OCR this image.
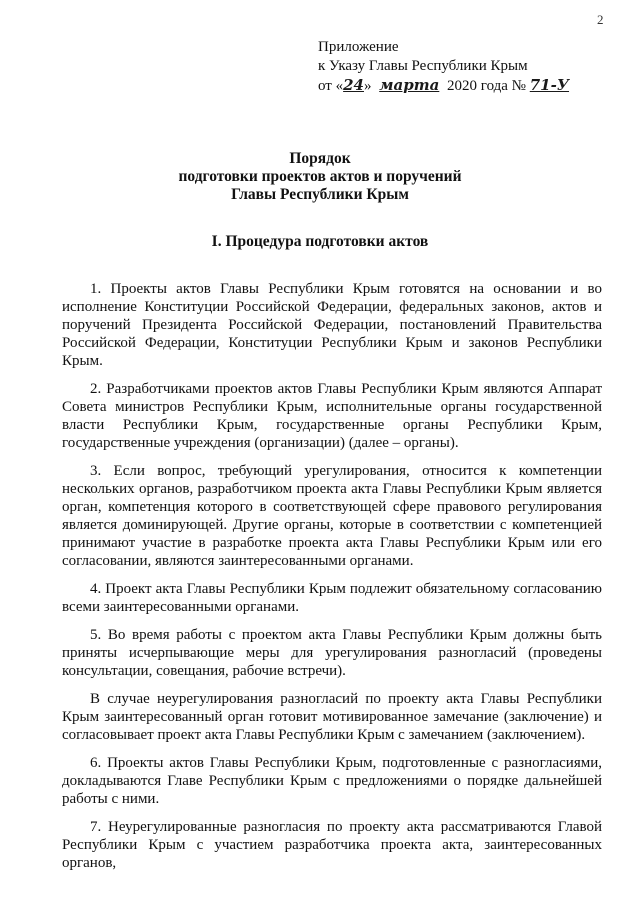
2
Приложение
к Указу Главы Республики Крым
от «24» марта 2020 года № 71-У
Порядок
подготовки проектов актов и поручений
Главы Республики Крым
I. Процедура подготовки актов

1. Проекты актов Главы Республики Крым готовятся на основании и во исполнение Конституции Российской Федерации, федеральных законов, актов и поручений Президента Российской Федерации, постановлений Правительства Российской Федерации, Конституции Республики Крым и законов Республики Крым.

2. Разработчиками проектов актов Главы Республики Крым являются Аппарат Совета министров Республики Крым, исполнительные органы государственной власти Республики Крым, государственные органы Республики Крым, государственные учреждения (организации) (далее – органы).

3. Если вопрос, требующий урегулирования, относится к компетенции нескольких органов, разработчиком проекта акта Главы Республики Крым является орган, компетенция которого в соответствующей сфере правового регулирования является доминирующей. Другие органы, которые в соответствии с компетенцией принимают участие в разработке проекта акта Главы Республики Крым или его согласовании, являются заинтересованными органами.

4. Проект акта Главы Республики Крым подлежит обязательному согласованию всеми заинтересованными органами.

5. Во время работы с проектом акта Главы Республики Крым должны быть приняты исчерпывающие меры для урегулирования разногласий (проведены консультации, совещания, рабочие встречи).

В случае неурегулирования разногласий по проекту акта Главы Республики Крым заинтересованный орган готовит мотивированное замечание (заключение) и согласовывает проект акта Главы Республики Крым с замечанием (заключением).

6. Проекты актов Главы Республики Крым, подготовленные с разногласиями, докладываются Главе Республики Крым с предложениями о порядке дальнейшей работы с ними.

7. Неурегулированные разногласия по проекту акта рассматриваются Главой Республики Крым с участием разработчика проекта акта, заинтересованных органов,
